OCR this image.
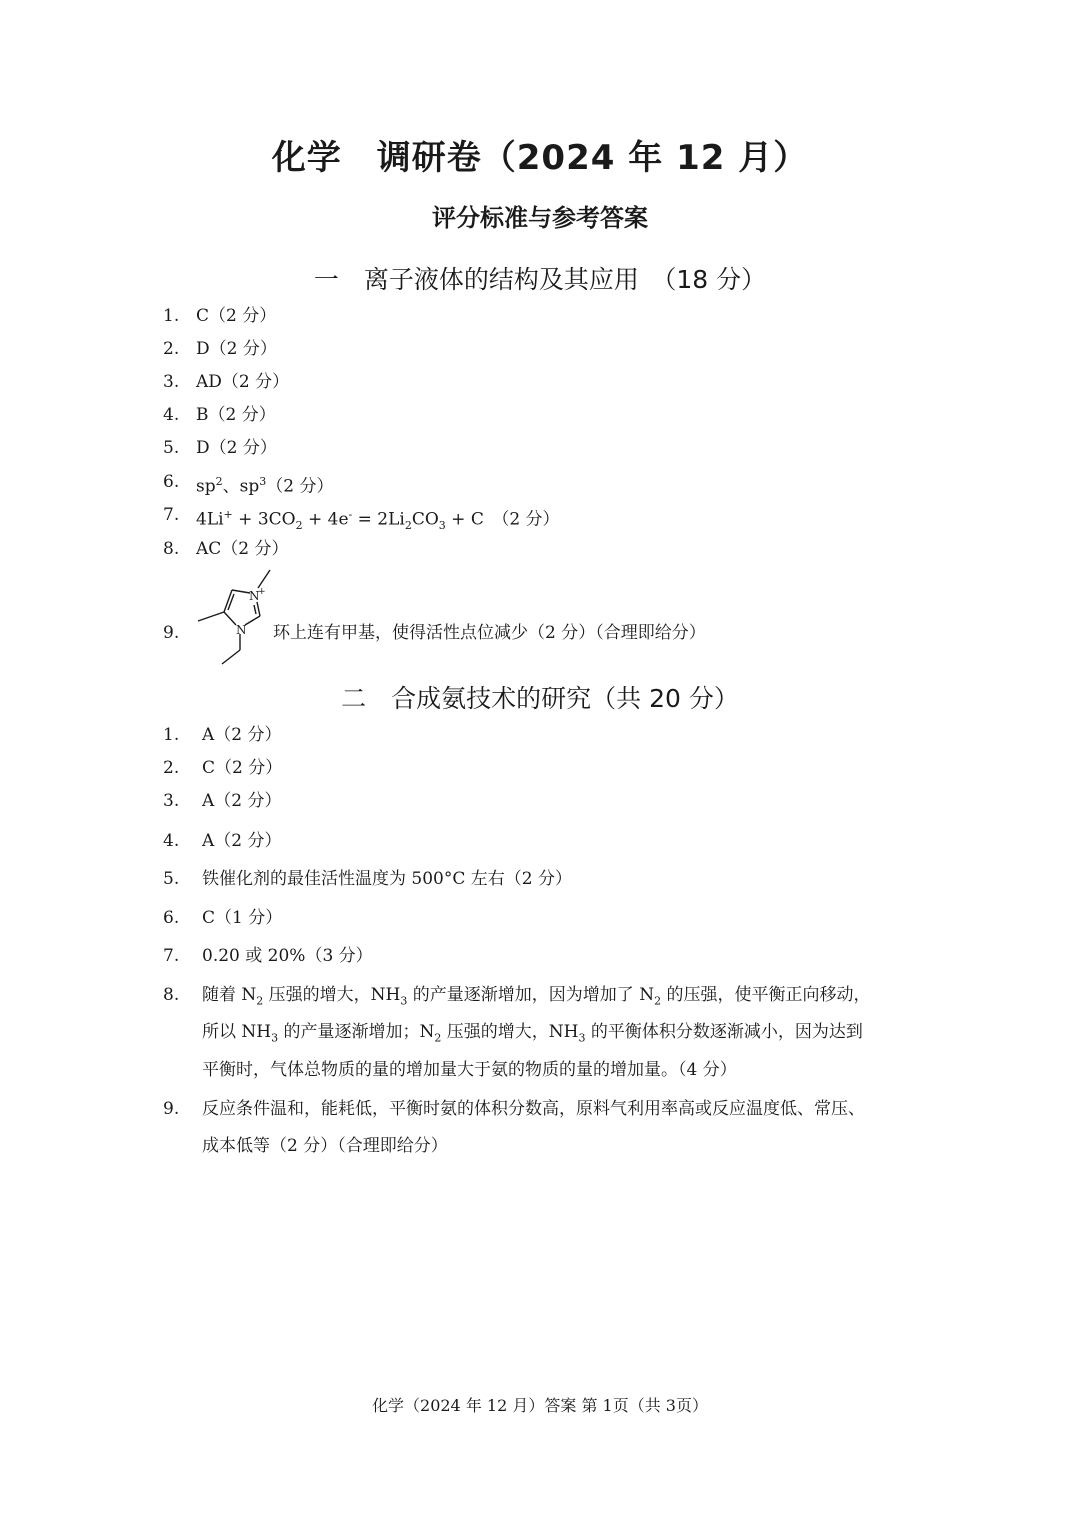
化学　调研卷（2024 年 12 月）
评分标准与参考答案
一　离子液体的结构及其应用　（18 分）
1. C（2 分）
2. D（2 分）
3. AD（2 分）
4. B（2 分）
5. D（2 分）
6. $sp^2$、$sp^3(2$ 分）
7. $4Li^+ + 3CO_2 + 4e^- = 2Li_2CO_3 + C$　（2 分）
8. AC（2 分）
9.	环上连有甲基，使得活性点位减少（2 分）（合理即给分）
N
+
N
二　合成氨技术的研究（共 20 分）
1. A（2 分）
2. C（2 分）
3. A（2 分）
4. A（2 分）
5. 铁催化剂的最佳活性温度为 500°C 左右（2 分）
6. C（1 分）
7. 0.20 或 20%（3 分）
8. 随着 $N_2$ 压强的增大，$NH_3$ 的产量逐渐增加，因为增加了 $N_2$ 的压强，使平衡正向移动，
所以 $NH_3$ 的产量逐渐增加；$N_2$ 压强的增大，$NH_3$ 的平衡体积分数逐渐减小，因为达到
平衡时，气体总物质的量的增加量大于氨的物质的量的增加量。（4 分）
9. 反应条件温和，能耗低，平衡时氨的体积分数高，原料气利用率高或反应温度低、常压、
成本低等（2 分）（合理即给分）
化学（2024 年 12 月）答案 第 1页（共 3页）
